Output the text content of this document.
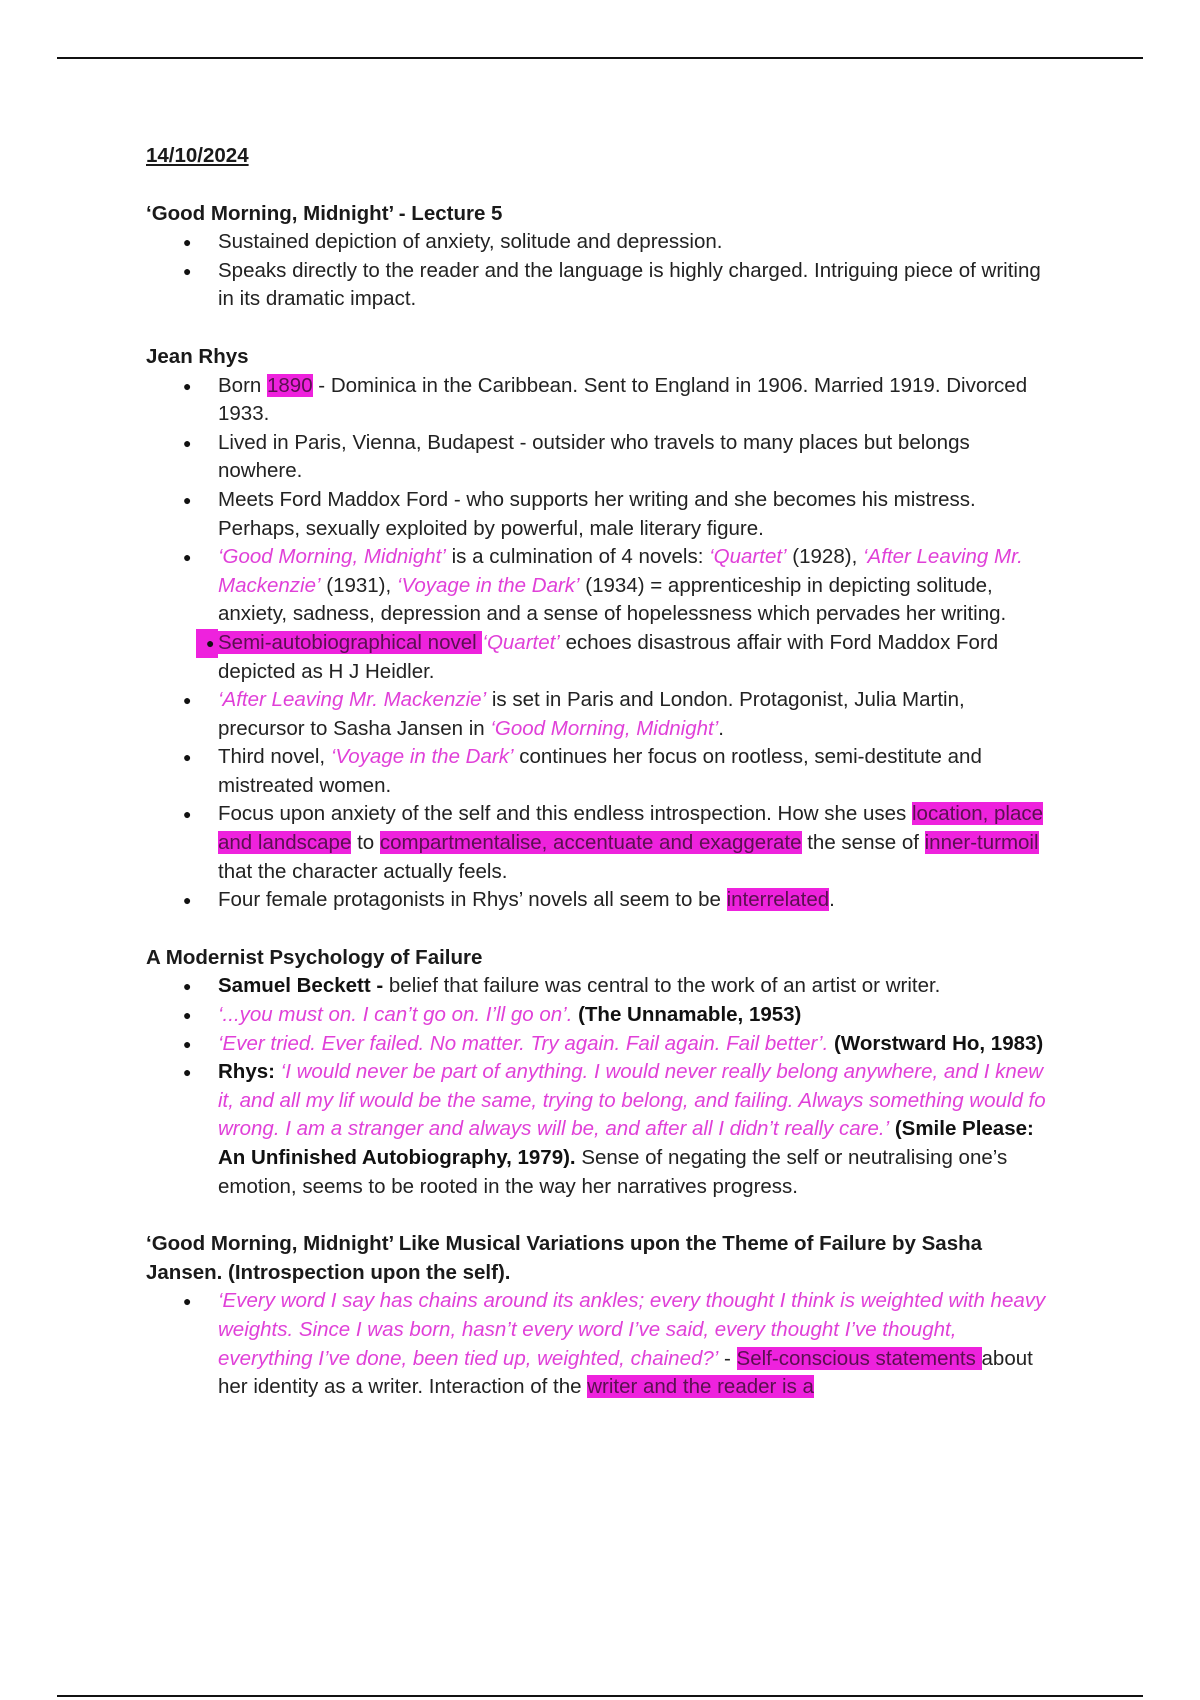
14/10/2024

‘Good Morning, Midnight’ - Lecture 5

● Sustained depiction of anxiety, solitude and depression.
● Speaks directly to the reader and the language is highly charged. Intriguing piece of writing in its dramatic impact.

Jean Rhys

● Born 1890 - Dominica in the Caribbean. Sent to England in 1906. Married 1919. Divorced 1933.
● Lived in Paris, Vienna, Budapest - outsider who travels to many places but belongs nowhere.
● Meets Ford Maddox Ford - who supports her writing and she becomes his mistress. Perhaps, sexually exploited by powerful, male literary figure.
● ‘Good Morning, Midnight’ is a culmination of 4 novels: ‘Quartet’ (1928), ‘After Leaving Mr. Mackenzie’ (1931), ‘Voyage in the Dark’ (1934) = apprenticeship in depicting solitude, anxiety, sadness, depression and a sense of hopelessness which pervades her writing.
● Semi-autobiographical novel ‘Quartet’ echoes disastrous affair with Ford Maddox Ford depicted as H J Heidler.
● ‘After Leaving Mr. Mackenzie’ is set in Paris and London. Protagonist, Julia Martin, precursor to Sasha Jansen in ‘Good Morning, Midnight’.
● Third novel, ‘Voyage in the Dark’ continues her focus on rootless, semi-destitute and mistreated women.
● Focus upon anxiety of the self and this endless introspection. How she uses location, place and landscape to compartmentalise, accentuate and exaggerate the sense of inner-turmoil that the character actually feels.
● Four female protagonists in Rhys’ novels all seem to be interrelated.

A Modernist Psychology of Failure

● Samuel Beckett - belief that failure was central to the work of an artist or writer.
● ‘...you must on. I can’t go on. I’ll go on’. (The Unnamable, 1953)
● ‘Ever tried. Ever failed. No matter. Try again. Fail again. Fail better’. (Worstward Ho, 1983)
● Rhys: ‘I would never be part of anything. I would never really belong anywhere, and I knew it, and all my lif would be the same, trying to belong, and failing. Always something would fo wrong. I am a stranger and always will be, and after all I didn’t really care.’ (Smile Please: An Unfinished Autobiography, 1979). Sense of negating the self or neutralising one’s emotion, seems to be rooted in the way her narratives progress.

‘Good Morning, Midnight’ Like Musical Variations upon the Theme of Failure by Sasha Jansen. (Introspection upon the self).

● ‘Every word I say has chains around its ankles; every thought I think is weighted with heavy weights. Since I was born, hasn’t every word I’ve said, every thought I’ve thought, everything I’ve done, been tied up, weighted, chained?’ - Self-conscious statements about her identity as a writer. Interaction of the writer and the reader is a
